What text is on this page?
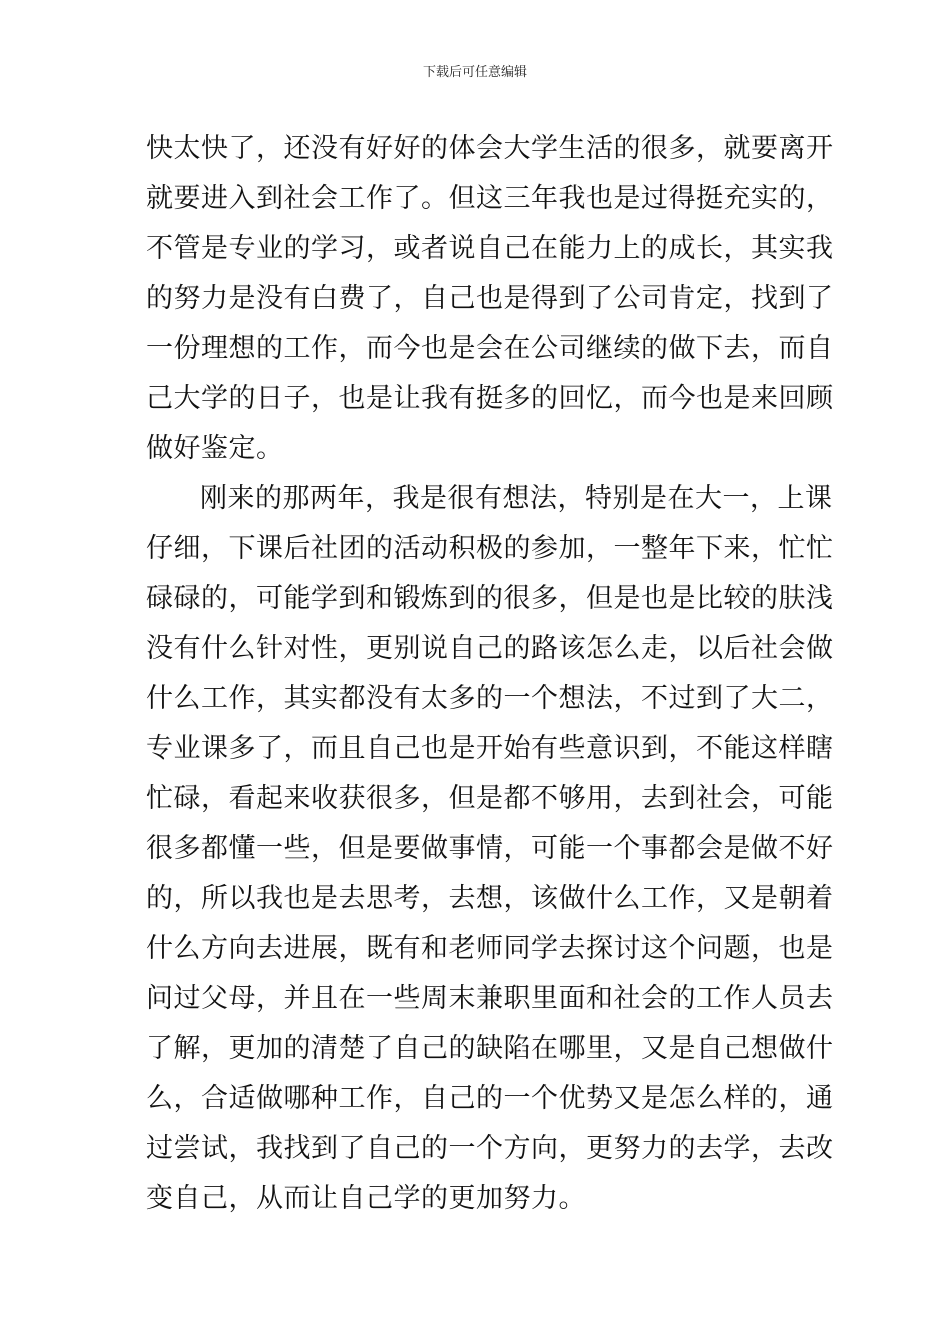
下载后可任意编辑
快太快了，还没有好好的体会大学生活的很多，就要离开
就要进入到社会工作了。但这三年我也是过得挺充实的，
不管是专业的学习，或者说自己在能力上的成长，其实我
的努力是没有白费了，自己也是得到了公司肯定，找到了
一份理想的工作，而今也是会在公司继续的做下去，而自
己大学的日子，也是让我有挺多的回忆，而今也是来回顾
做好鉴定。
刚来的那两年，我是很有想法，特别是在大一，上课
仔细，下课后社团的活动积极的参加，一整年下来，忙忙
碌碌的，可能学到和锻炼到的很多，但是也是比较的肤浅
没有什么针对性，更别说自己的路该怎么走，以后社会做
什么工作，其实都没有太多的一个想法，不过到了大二，
专业课多了，而且自己也是开始有些意识到，不能这样瞎
忙碌，看起来收获很多，但是都不够用，去到社会，可能
很多都懂一些，但是要做事情，可能一个事都会是做不好
的，所以我也是去思考，去想，该做什么工作，又是朝着
什么方向去进展，既有和老师同学去探讨这个问题，也是
问过父母，并且在一些周末兼职里面和社会的工作人员去
了解，更加的清楚了自己的缺陷在哪里，又是自己想做什
么，合适做哪种工作，自己的一个优势又是怎么样的，通
过尝试，我找到了自己的一个方向，更努力的去学，去改
变自己，从而让自己学的更加努力。
